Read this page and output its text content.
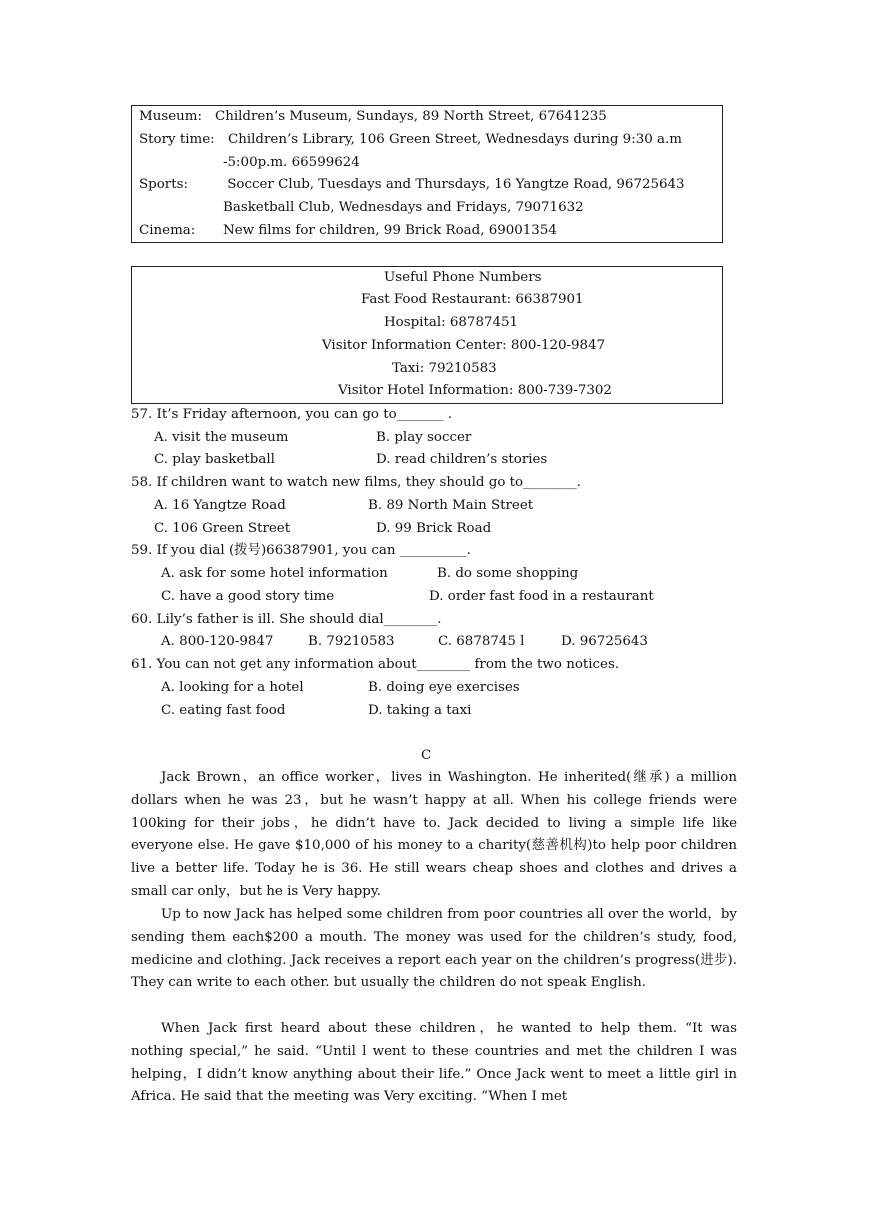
Museum: Children’s Museum, Sundays, 89 North Street, 67641235
Story time: Children’s Library, 106 Green Street, Wednesdays during 9:30 a.m
-5:00p.m. 66599624
Sports:	Soccer Club, Tuesdays and Thursdays, 16 Yangtze Road, 96725643
Basketball Club, Wednesdays and Fridays, 79071632
Cinema: New films for children, 99 Brick Road, 69001354
Useful Phone Numbers
Fast Food Restaurant: 66387901
Hospital: 68787451
Visitor Information Center: 800-120-9847
Taxi: 79210583
Visitor Hotel Information: 800-739-7302
57. It’s Friday afternoon, you can go to_______ .
A. visit the museum	B. play soccer
C. play basketball	D. read children’s stories
58. If children want to watch new films, they should go to________.
A. 16 Yangtze Road	B. 89 North Main Street
C. 106 Green Street	D. 99 Brick Road
59. If you dial (拨号)66387901, you can __________.
A. ask for some hotel information	B. do some shopping
C. have a good story time	D. order fast food in a restaurant
60. Lily’s father is ill. She should dial________.
A. 800-120-9847	B. 79210583	C. 6878745 l	D. 96725643
61. You can not get any information about________ from the two notices.
A. looking for a hotel	B. doing eye exercises
C. eating fast food	D. taking a taxi
C
Jack Brown，an office worker，lives in Washington. He inherited(继承) a million dollars when he was 23，but he wasn’t happy at all. When his college friends were 100king for their jobs，he didn’t have to. Jack decided to living a simple life like everyone else. He gave $10,000 of his money to a charity(慈善机构)to help poor children live a better life. Today he is 36. He still wears cheap shoes and clothes and drives a small car only，but he is Very happy.
Up to now Jack has helped some children from poor countries all over the world，by sending them each$200 a mouth. The money was used for the children’s study, food, medicine and clothing. Jack receives a report each year on the children’s progress(进步). They can write to each other. but usually the children do not speak English.
When Jack first heard about these children，he wanted to help them. “It was nothing special,” he said. “Until l went to these countries and met the children I was helping，I didn’t know anything about their life.” Once Jack went to meet a little girl in Africa. He said that the meeting was Very exciting. “When I met
